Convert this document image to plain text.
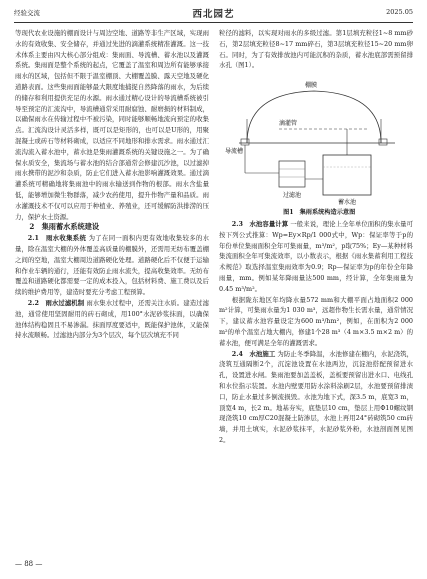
经验交流	西北园艺	2025.05

等现代农业设施的棚面设计与周边空地、道路等非生产区域，实现雨水的有效收集、安全储存，并通过先进的滴灌系统精准灌溉。这一技术体系主要由四大核心部分组成：集雨面、导流槽、蓄水池以及灌溉系统。集雨面是整个系统的起点，它覆盖了温室和周边所有能够承接雨水的区域，包括但不限于温室棚顶、大棚覆盖膜、露天空地及硬化道路表面。这些集雨面能够最大限度地捕捉自然降落的雨水，为后续的储存和利用提供充足的水源。雨水通过精心设计的导流槽系统被引导至预定的汇流沟中，导流槽通常采用耐腐蚀、耐磨损的材料制成，以确保雨水在传输过程中不被污染，同时能够顺畅地流向预定的收集点。汇流沟设计灵活多样，既可以是矩形的，也可以是U形的，用聚混凝土或砖石等材料砌成，以适应不同地形和排水需求。雨水通过汇流沟流入蓄水池中，蓄水池是集雨灌溉系统的关键设施之一。为了确保水质安全，集流场与蓄水池的结合部通常会修建沉沙池，以过滤掉雨水携带的泥沙和杂质，防止它们进入蓄水池影响灌溉效果。通过滴灌系统可精确地将集雨池中的雨水输送到作物的根部。雨水含盐量低，能够增加微生物群落，减少农药使用，提升作物产量和品质。雨水灌溉技术不仅可以应用于种植业、养殖业，还可缓解防洪排涝的压力，保护水土资源。

2　集雨蓄水系统建设

2.1　雨水收集系统 为了在同一面积内更有效地收集较多的水量，除在温室大棚的外体覆盖高质量的棚膜外，还需用无纺布覆盖棚之间的空地，温室大棚周边道路硬化处理。道路硬化后不仅便于运输和作业车辆的通行，还能有效防止雨水流失，提高收集效率。无纺布覆盖和道路硬化都需要一定的成本投入，包括材料费、施工费以及后续的维护费用等，建造时要充分考虑工程预算。

2.2　雨水过滤机制 雨水集水过程中，还需关注水质。建造过滤池，通常使用坚固耐用的砖石砌成，用100°水泥砂浆抹面，以确保池体结构稳固且不易渗漏。抹面厚度要适中，既能保护池体，又能保持水流顺畅。过滤池内部分为3个层次，每个层次填充不同

粒径的滤料，以实现对雨水的多级过滤。第1层填充粒径1~8 mm砂石，第2层填充粒径8~17 mm碎石，第3层填充粒径15~20 mm卵石。同时，为了有效排放池内可能沉积的杂质，蓄水池底部需预留排水孔（图1）。

棚膜
导流槽
过滤池
蓄水池
滴灌管

图1 集雨系统构造示意图

2.3　水池容量计算 一般来说，理论上全年单位面积的集水量可按下列公式推算：Wp=Ey×Rp/1 000式中，Wp：保证率等于p的年份单位集雨面积全年可集雨量，m³/m²，p取75%；Ey—某种材料集流面积全年可集流效率，以小数表示，根据《雨水集蓄利用工程技术规范》取选择温室集雨效率为0.9；Rp—保证率为p的年份全年降雨量，mm。例如某年降雨量达500 mm，经计算，全年集雨量为0.45 m³/m²。

根据陇东地区年均降水量572 mm和大棚平面占地面积2 000 m²计算，可集雨水量为1 030 m³，远超作物生长需水量，通常情况下，建议蓄水池容量设定为600 m³/hm²，例如，在面积为2 000 m²的单个温室占地大棚内，修建1个28 m³（4 m×3.5 m×2 m）的蓄水池，便可满足全年的灌溉需求。

2.4　水池施工 为防止冬季降温，水池修建在棚内，水泥浇筑，浇筑互通隔断2个，沉淀池设置在水池两边，沉淀池搭配预留进水孔，设置进水闸。集雨池要加盖盖板，盖板要预留出进水口、电线孔和水位指示装置。水池内壁要用防水涂料涂刷2层，水池要预留排渍口，防止水量过多倒流损毁。水池为地下式，深3.5 m，底宽3 m，顶宽4 m，长2 m。地基夯实，底垫层10 cm，垫层上用Φ10螺纹钢现浇筑10 cm厚C20混凝土防渗层，水池上再用24°砖砌筑50 cm砖墙，并用土填实，水泥砂浆抹平，水泥砂浆外粉，水池剖面图见图2。

— 88 —
